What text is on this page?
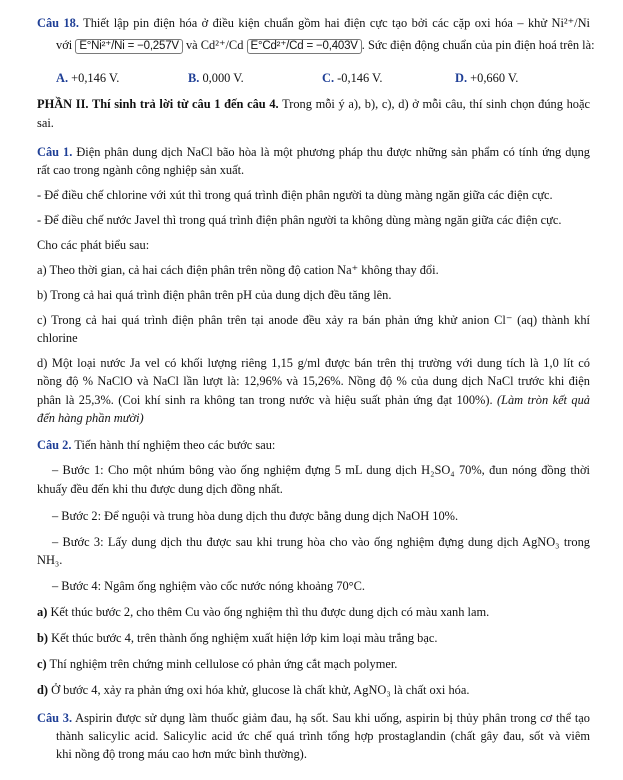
Câu 18. Thiết lập pin điện hóa ở điều kiện chuẩn gồm hai điện cực tạo bởi các cặp oxi hóa – khử Ni²⁺/Ni
với E°Ni²⁺/Ni = −0,257V và Cd²⁺/Cd E°Cd²⁺/Cd = −0,403V . Sức điện động chuẩn của pin điện hoá trên là:
A. +0,146 V.	B. 0,000 V.	C. -0,146 V.	D. +0,660 V.
PHẦN II. Thí sinh trả lời từ câu 1 đến câu 4. Trong mỗi ý a), b), c), d) ở mỗi câu, thí sinh chọn đúng hoặc
sai.
Câu 1. Điện phân dung dịch NaCl bão hòa là một phương pháp thu được những sản phẩm có tính ứng dụng
rất cao trong ngành công nghiệp sản xuất.
- Để điều chế chlorine với xút thì trong quá trình điện phân người ta dùng màng ngăn giữa các điện cực.
- Để điều chế nước Javel thì trong quá trình điện phân người ta không dùng màng ngăn giữa các điện cực.
Cho các phát biểu sau:
a) Theo thời gian, cả hai cách điện phân trên nồng độ cation Na⁺ không thay đổi.
b) Trong cả hai quá trình điện phân trên pH của dung dịch đều tăng lên.
c) Trong cả hai quá trình điện phân trên tại anode đều xảy ra bán phản ứng khử anion Cl⁻ (aq) thành khí
chlorine
d) Một loại nước Ja vel có khối lượng riêng 1,15 g/ml được bán trên thị trường với dung tích là 1,0 lít có
nồng độ % NaClO và NaCl lần lượt là: 12,96% và 15,26%. Nồng độ % của dung dịch NaCl trước khi điện
phân là 25,3%. (Coi khí sinh ra không tan trong nước và hiệu suất phản ứng đạt 100%). (Làm tròn kết quả
đến hàng phần mười)
Câu 2. Tiến hành thí nghiệm theo các bước sau:
– Bước 1: Cho một nhúm bông vào ống nghiệm đựng 5 mL dung dịch H₂SO₄ 70%, đun nóng đồng thời
khuấy đều đến khi thu được dung dịch đồng nhất.
– Bước 2: Để nguội và trung hòa dung dịch thu được bằng dung dịch NaOH 10%.
– Bước 3: Lấy dung dịch thu được sau khi trung hòa cho vào ống nghiệm đựng dung dịch AgNO₃ trong
NH₃.
– Bước 4: Ngâm ống nghiệm vào cốc nước nóng khoảng 70°C.
a) Kết thúc bước 2, cho thêm Cu vào ống nghiệm thì thu được dung dịch có màu xanh lam.
b) Kết thúc bước 4, trên thành ống nghiệm xuất hiện lớp kim loại màu trắng bạc.
c) Thí nghiệm trên chứng minh cellulose có phản ứng cắt mạch polymer.
d) Ở bước 4, xảy ra phản ứng oxi hóa khử, glucose là chất khử, AgNO₃ là chất oxi hóa.
Câu 3. Aspirin được sử dụng làm thuốc giảm đau, hạ sốt. Sau khi uống, aspirin bị thủy phân trong cơ thể tạo
thành salicylic acid. Salicylic acid ức chế quá trình tổng hợp prostaglandin (chất gây đau, sốt và viêm
khi nồng độ trong máu cao hơn mức bình thường).
